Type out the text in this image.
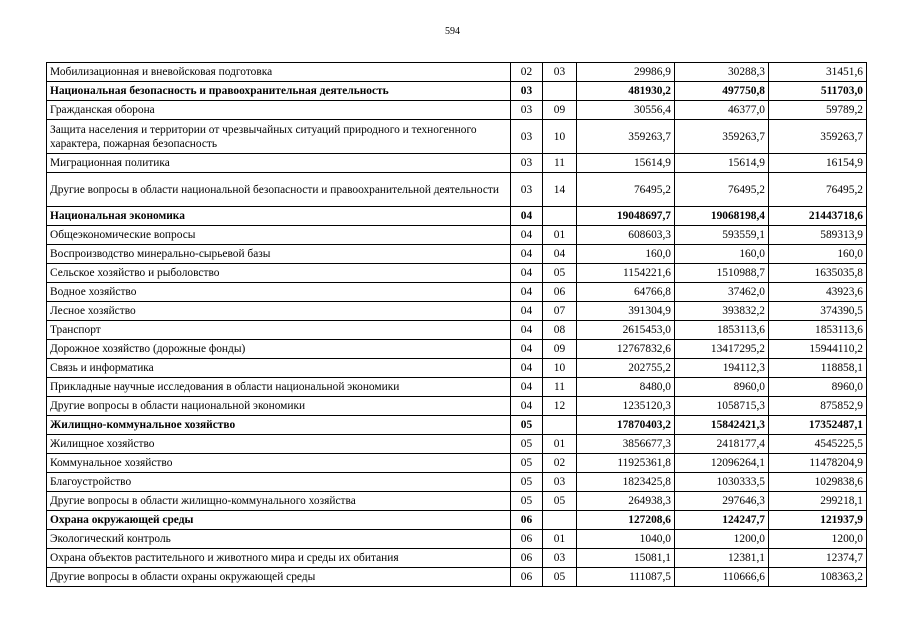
594
Мобилизационная и вневойсковая подготовка	02	03	29986,9	30288,3	31451,6
Национальная безопасность и правоохранительная деятельность	03		481930,2	497750,8	511703,0
Гражданская оборона	03	09	30556,4	46377,0	59789,2
Защита населения и территории от чрезвычайных ситуаций природного и техногенного характера, пожарная безопасность	03	10	359263,7	359263,7	359263,7
Миграционная политика	03	11	15614,9	15614,9	16154,9
Другие вопросы в области национальной безопасности и правоохранительной деятельности	03	14	76495,2	76495,2	76495,2
Национальная экономика	04		19048697,7	19068198,4	21443718,6
Общеэкономические вопросы	04	01	608603,3	593559,1	589313,9
Воспроизводство минерально-сырьевой базы	04	04	160,0	160,0	160,0
Сельское хозяйство и рыболовство	04	05	1154221,6	1510988,7	1635035,8
Водное хозяйство	04	06	64766,8	37462,0	43923,6
Лесное хозяйство	04	07	391304,9	393832,2	374390,5
Транспорт	04	08	2615453,0	1853113,6	1853113,6
Дорожное хозяйство (дорожные фонды)	04	09	12767832,6	13417295,2	15944110,2
Связь и информатика	04	10	202755,2	194112,3	118858,1
Прикладные научные исследования в области национальной экономики	04	11	8480,0	8960,0	8960,0
Другие вопросы в области национальной экономики	04	12	1235120,3	1058715,3	875852,9
Жилищно-коммунальное хозяйство	05		17870403,2	15842421,3	17352487,1
Жилищное хозяйство	05	01	3856677,3	2418177,4	4545225,5
Коммунальное хозяйство	05	02	11925361,8	12096264,1	11478204,9
Благоустройство	05	03	1823425,8	1030333,5	1029838,6
Другие вопросы в области жилищно-коммунального хозяйства	05	05	264938,3	297646,3	299218,1
Охрана окружающей среды	06		127208,6	124247,7	121937,9
Экологический контроль	06	01	1040,0	1200,0	1200,0
Охрана объектов растительного и животного мира и среды их обитания	06	03	15081,1	12381,1	12374,7
Другие вопросы в области охраны окружающей среды	06	05	111087,5	110666,6	108363,2
